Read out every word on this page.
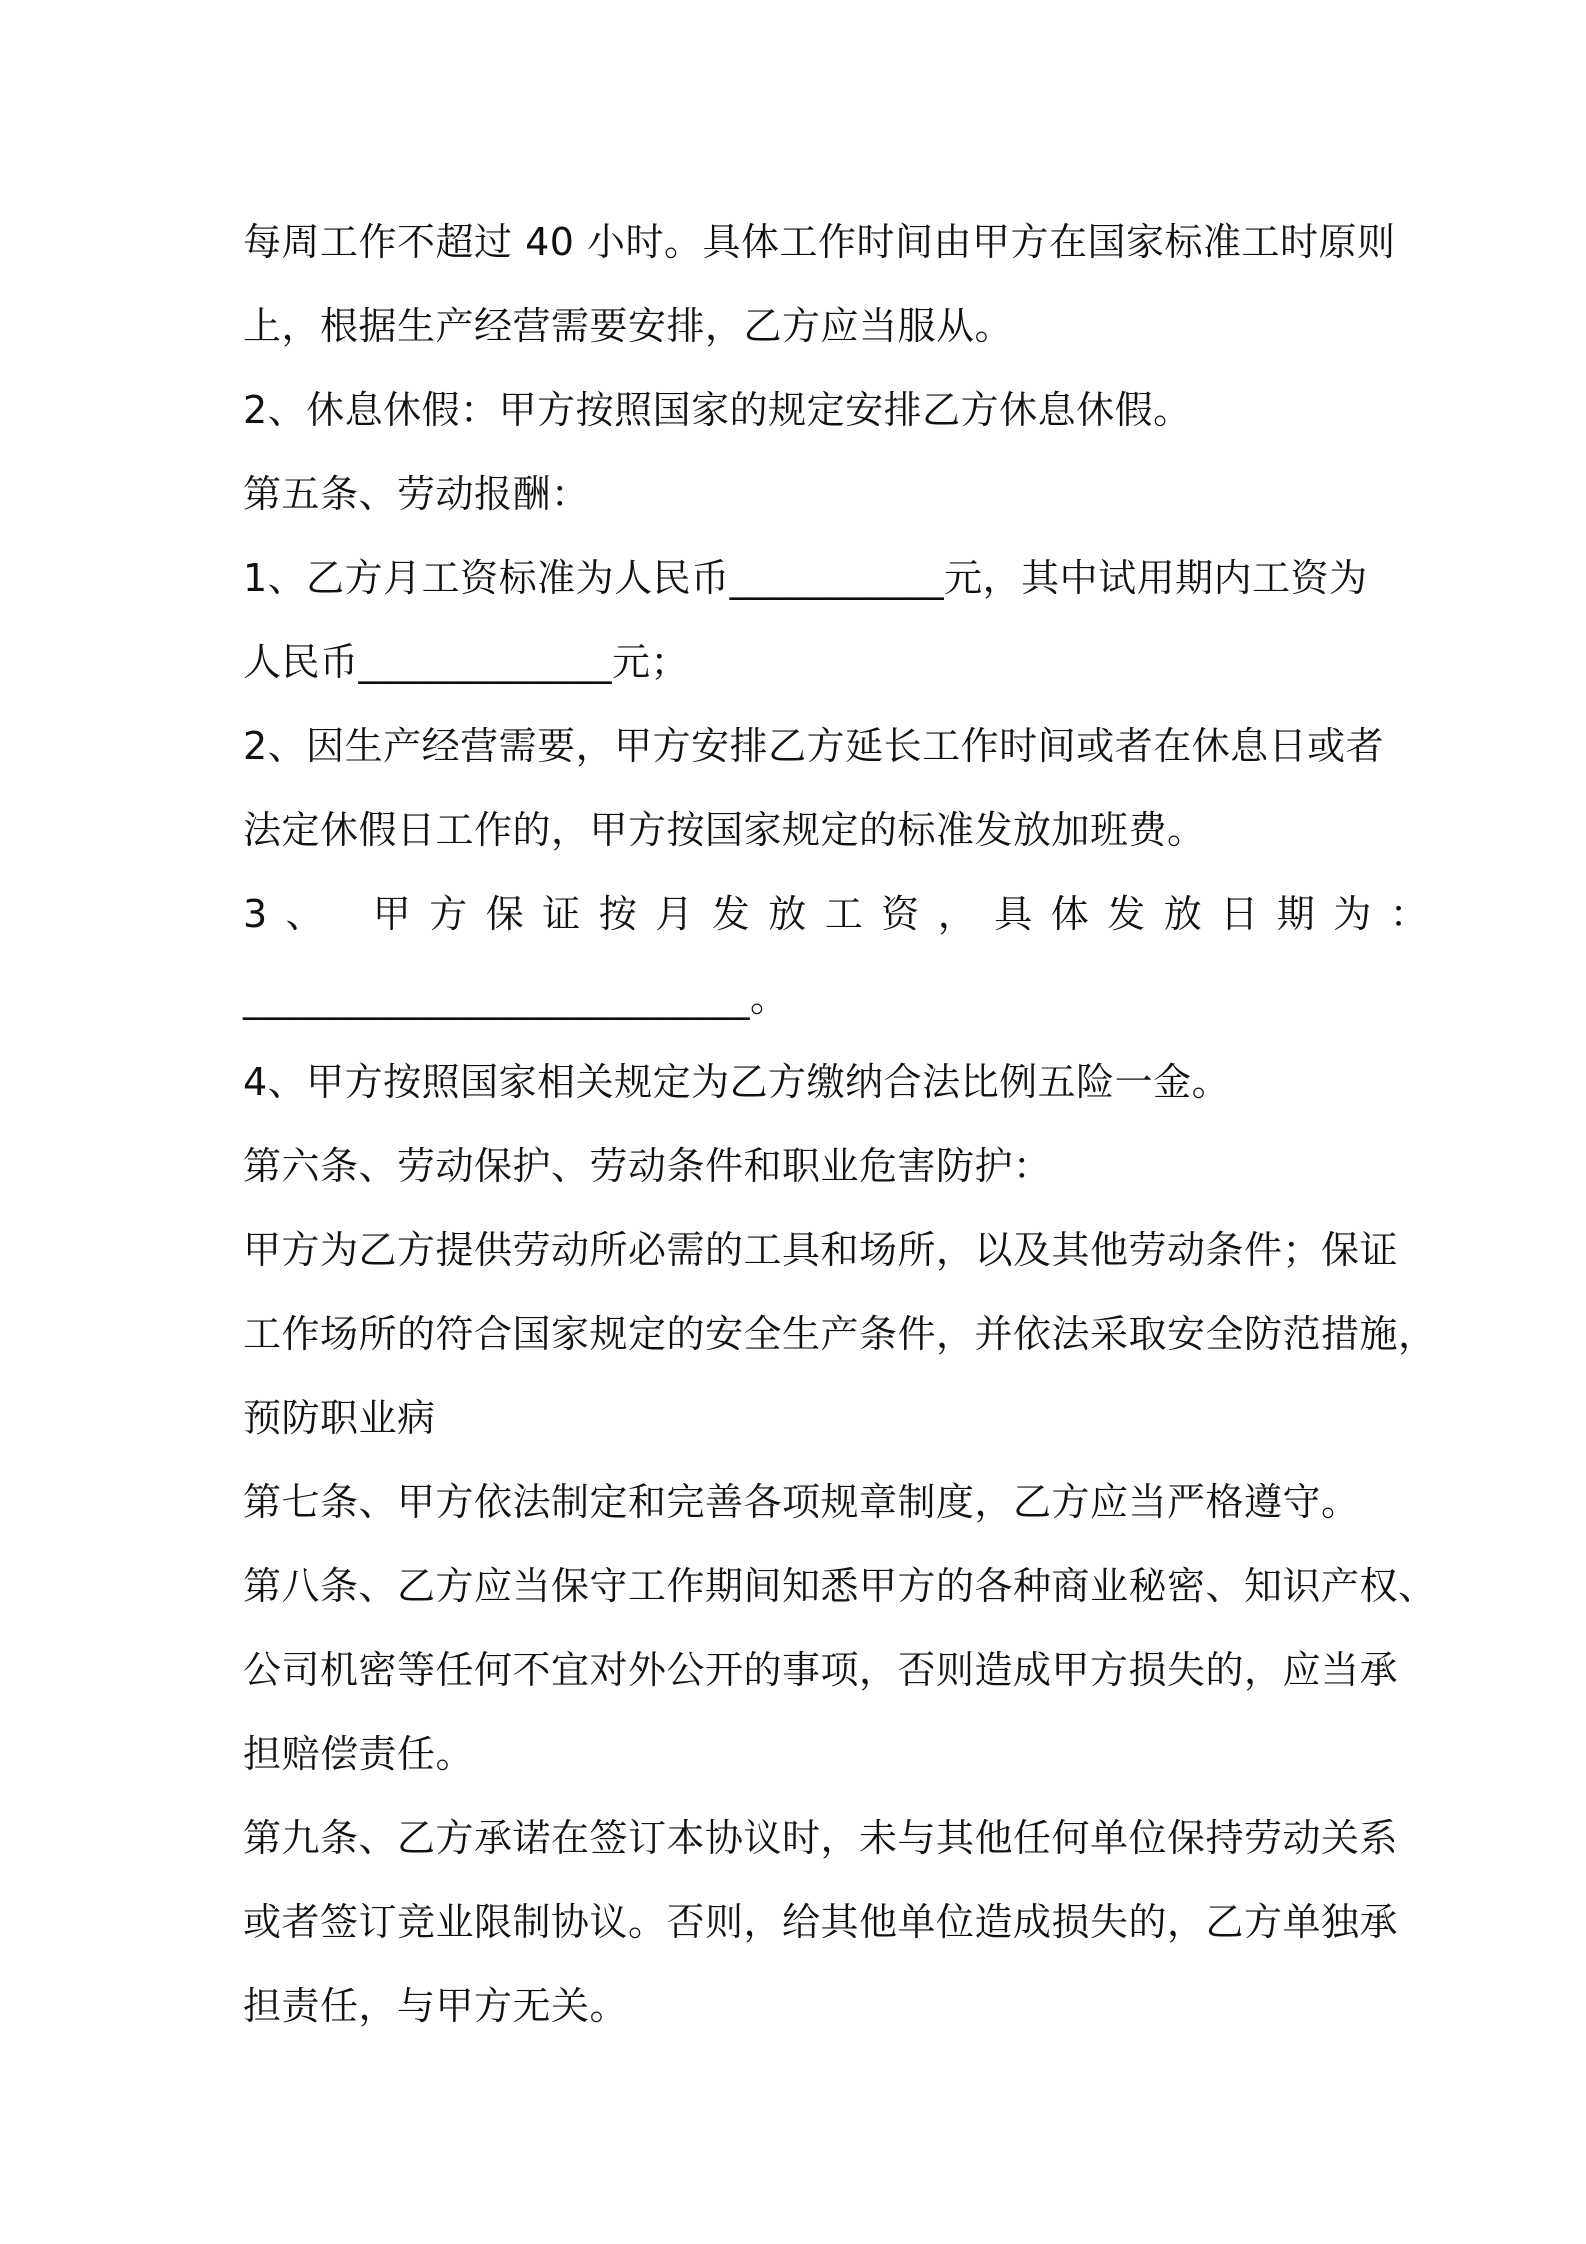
每周工作不超过 40 小时。具体工作时间由甲方在国家标准工时原则
上，根据生产经营需要安排，乙方应当服从。
2、休息休假：甲方按照国家的规定安排乙方休息休假。
第五条、劳动报酬：
1、乙方月工资标准为人民币___________元，其中试用期内工资为
人民币_____________元；
2、因生产经营需要，甲方安排乙方延长工作时间或者在休息日或者
法定休假日工作的，甲方按国家规定的标准发放加班费。
3、 甲方保证按月发放工资，具体发放日期为：
__________________________。
4、甲方按照国家相关规定为乙方缴纳合法比例五险一金。
第六条、劳动保护、劳动条件和职业危害防护：
甲方为乙方提供劳动所必需的工具和场所，以及其他劳动条件；保证
工作场所的符合国家规定的安全生产条件，并依法采取安全防范措施，
预防职业病
第七条、甲方依法制定和完善各项规章制度，乙方应当严格遵守。
第八条、乙方应当保守工作期间知悉甲方的各种商业秘密、知识产权、
公司机密等任何不宜对外公开的事项，否则造成甲方损失的，应当承
担赔偿责任。
第九条、乙方承诺在签订本协议时，未与其他任何单位保持劳动关系
或者签订竞业限制协议。否则，给其他单位造成损失的，乙方单独承
担责任，与甲方无关。
